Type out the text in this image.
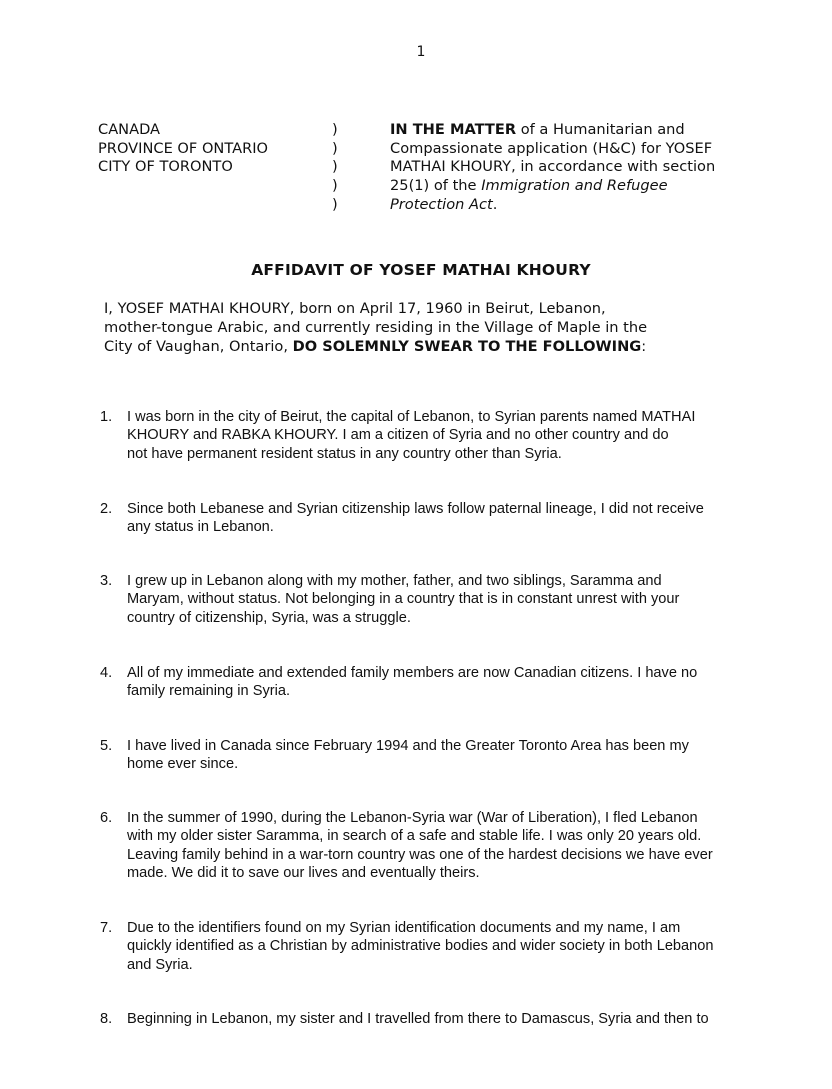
1
CANADA
PROVINCE OF ONTARIO
CITY OF TORONTO
)
)
)
)
)
IN THE MATTER of a Humanitarian and
Compassionate application (H&C) for YOSEF
MATHAI KHOURY, in accordance with section
25(1) of the Immigration and Refugee
Protection Act.
AFFIDAVIT OF YOSEF MATHAI KHOURY
I, YOSEF MATHAI KHOURY, born on April 17, 1960 in Beirut, Lebanon,
mother-tongue Arabic, and currently residing in the Village of Maple in the
City of Vaughan, Ontario, DO SOLEMNLY SWEAR TO THE FOLLOWING:
1. I was born in the city of Beirut, the capital of Lebanon, to Syrian parents named MATHAI
KHOURY and RABKA KHOURY. I am a citizen of Syria and no other country and do
not have permanent resident status in any country other than Syria.
2. Since both Lebanese and Syrian citizenship laws follow paternal lineage, I did not receive
any status in Lebanon.
3. I grew up in Lebanon along with my mother, father, and two siblings, Saramma and
Maryam, without status. Not belonging in a country that is in constant unrest with your
country of citizenship, Syria, was a struggle.
4. All of my immediate and extended family members are now Canadian citizens. I have no
family remaining in Syria.
5. I have lived in Canada since February 1994 and the Greater Toronto Area has been my
home ever since.
6. In the summer of 1990, during the Lebanon-Syria war (War of Liberation), I fled Lebanon
with my older sister Saramma, in search of a safe and stable life. I was only 20 years old.
Leaving family behind in a war-torn country was one of the hardest decisions we have ever
made. We did it to save our lives and eventually theirs.
7. Due to the identifiers found on my Syrian identification documents and my name, I am
quickly identified as a Christian by administrative bodies and wider society in both Lebanon
and Syria.
8. Beginning in Lebanon, my sister and I travelled from there to Damascus, Syria and then to
